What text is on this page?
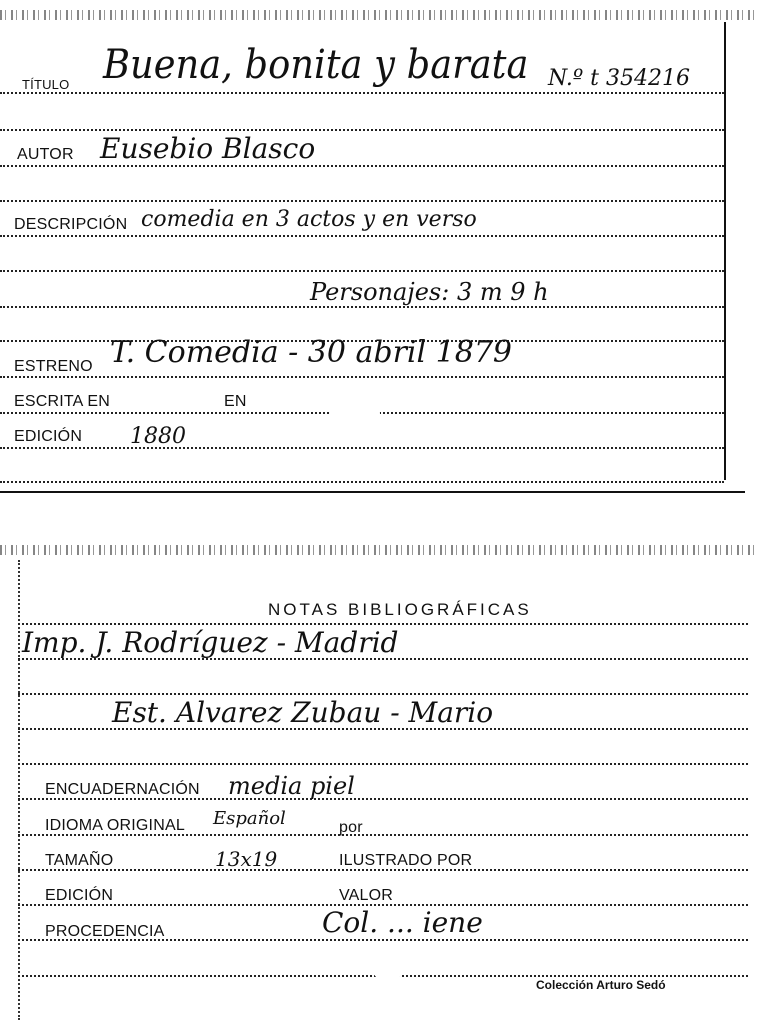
TÍTULO Buena, bonita y barata N.º t 354216
AUTOR Eusebio Blasco
DESCRIPCIÓN comedia en 3 actos y en verso
Personajes: 3 m 9 h
ESTRENO T. Comedia - 30 abril 1879
ESCRITA EN	EN
EDICIÓN 1880
NOTAS BIBLIOGRÁFICAS
Imp. J. Rodríguez - Madrid
Est. Alvarez Zubau - Mario
ENCUADERNACIÓN media piel
IDIOMA ORIGINAL Español	por
TAMAÑO	13x19	ILUSTRADO POR
EDICIÓN	VALOR
PROCEDENCIA	Col. ... iene
Colección Arturo Sedó
